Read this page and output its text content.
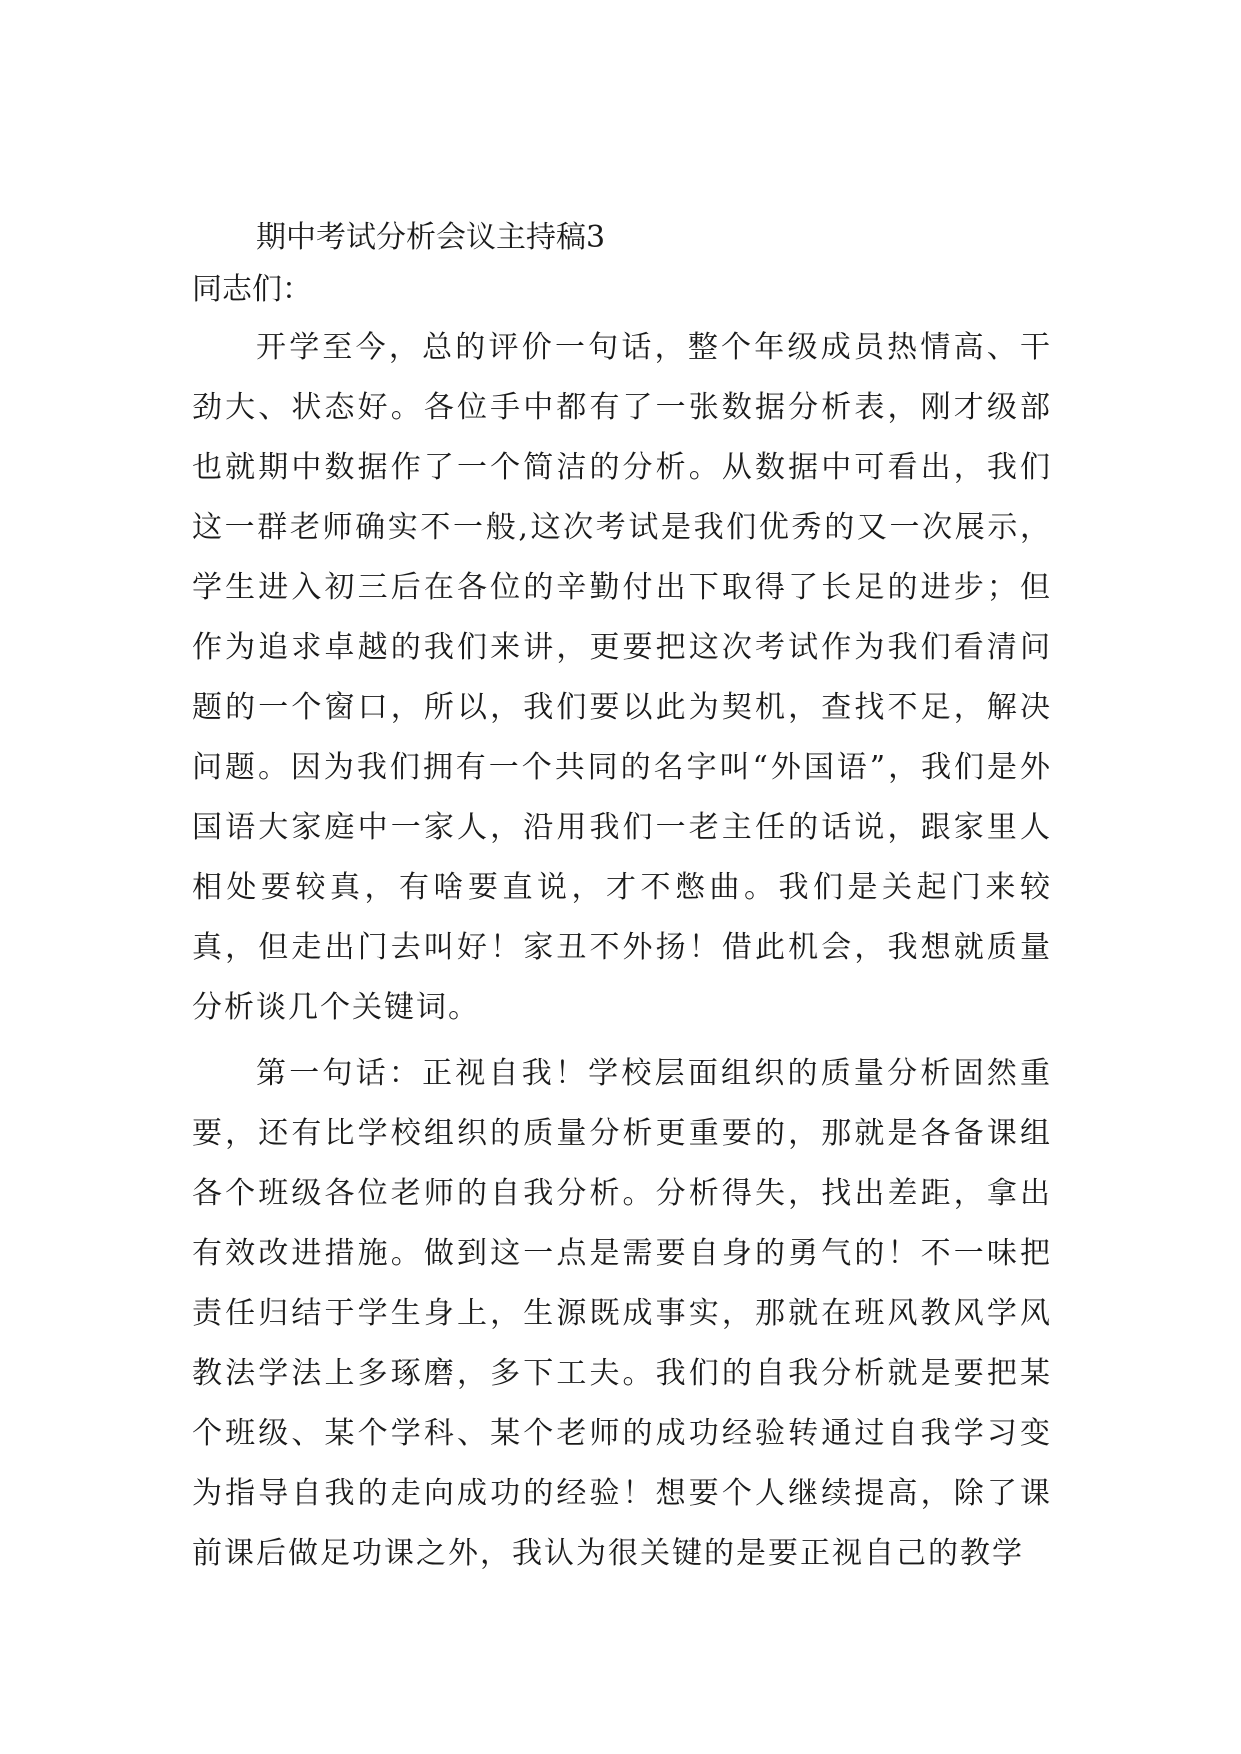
期中考试分析会议主持稿3

同志们：

开学至今，总的评价一句话，整个年级成员热情高、干劲大、状态好。各位手中都有了一张数据分析表，刚才级部也就期中数据作了一个简洁的分析。从数据中可看出，我们这一群老师确实不一般,这次考试是我们优秀的又一次展示，学生进入初三后在各位的辛勤付出下取得了长足的进步；但作为追求卓越的我们来讲，更要把这次考试作为我们看清问题的一个窗口，所以，我们要以此为契机，查找不足，解决问题。因为我们拥有一个共同的名字叫“外国语”，我们是外国语大家庭中一家人，沿用我们一老主任的话说，跟家里人相处要较真，有啥要直说，才不憋曲。我们是关起门来较真，但走出门去叫好！家丑不外扬！借此机会，我想就质量分析谈几个关键词。

第一句话：正视自我！学校层面组织的质量分析固然重要，还有比学校组织的质量分析更重要的，那就是各备课组各个班级各位老师的自我分析。分析得失，找出差距，拿出有效改进措施。做到这一点是需要自身的勇气的！不一味把责任归结于学生身上，生源既成事实，那就在班风教风学风教法学法上多琢磨，多下工夫。我们的自我分析就是要把某个班级、某个学科、某个老师的成功经验转通过自我学习变为指导自我的走向成功的经验！想要个人继续提高，除了课前课后做足功课之外，我认为很关键的是要正视自己的教学
